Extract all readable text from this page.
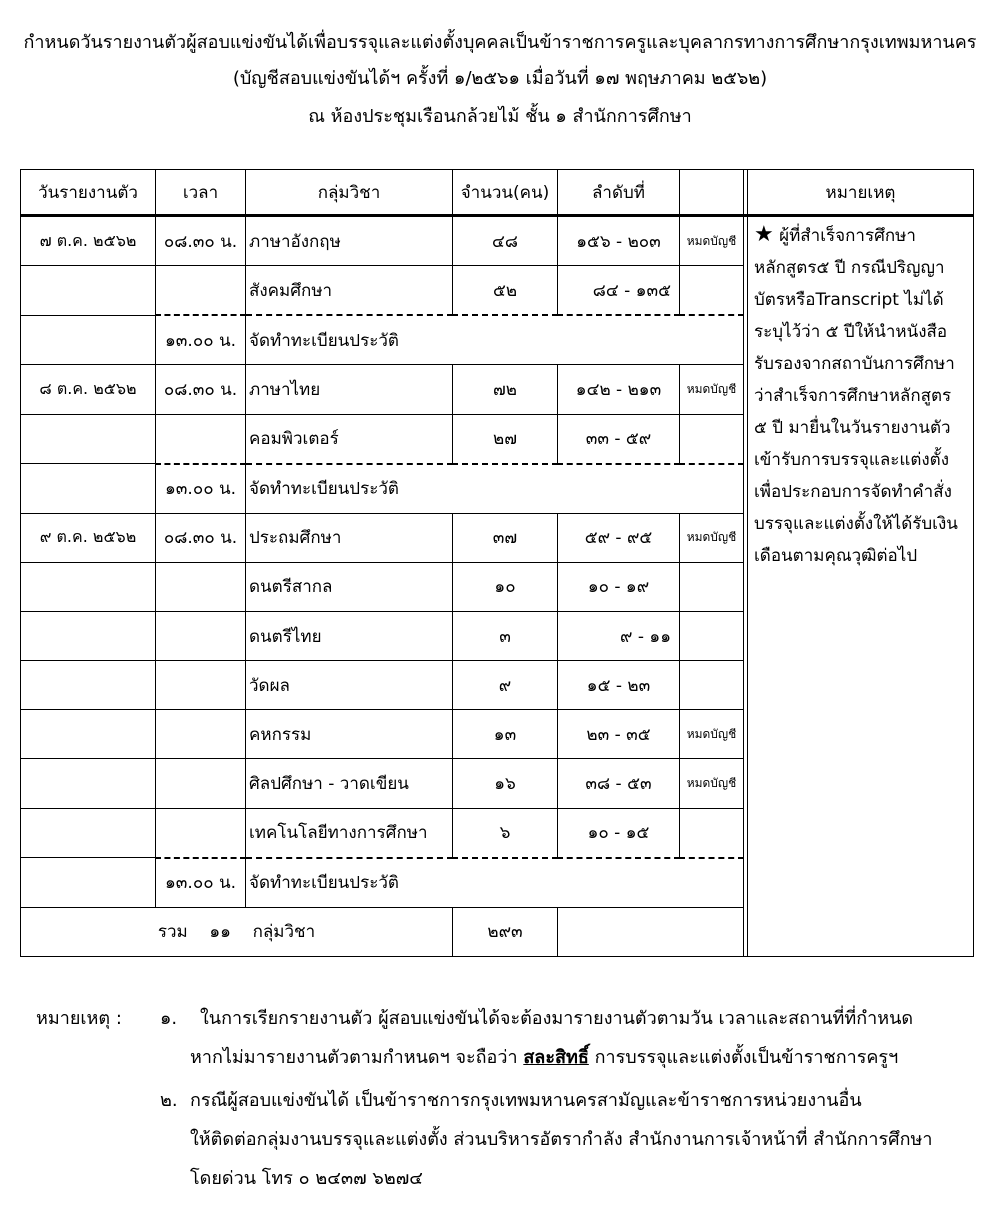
กำหนดวันรายงานตัวผู้สอบแข่งขันได้เพื่อบรรจุและแต่งตั้งบุคคลเป็นข้าราชการครูและบุคลากรทางการศึกษากรุงเทพมหานคร
(บัญชีสอบแข่งขันได้ฯ ครั้งที่ ๑/๒๕๖๑ เมื่อวันที่ ๑๗ พฤษภาคม ๒๕๖๒)
ณ ห้องประชุมเรือนกล้วยไม้ ชั้น ๑ สำนักการศึกษา
วันรายงานตัว	เวลา	กลุ่มวิชา	จำนวน(คน)	ลำดับที่			หมายเหตุ
๗ ต.ค. ๒๕๖๒	๐๘.๓๐ น.	ภาษาอังกฤษ	๔๘	๑๕๖ - ๒๐๓	หมดบัญชี		★ ผู้ที่สำเร็จการศึกษาหลักสูตร๕ ปี กรณีปริญญาบัตรหรือTranscript ไม่ได้ระบุไว้ว่า ๕ ปีให้นำหนังสือรับรองจากสถาบันการศึกษาว่าสำเร็จการศึกษาหลักสูตร ๕ ปี มายื่นในวันรายงานตัวเข้ารับการบรรจุและแต่งตั้งเพื่อประกอบการจัดทำคำสั่งบรรจุและแต่งตั้งให้ได้รับเงินเดือนตามคุณวุฒิต่อไป
		สังคมศึกษา	๕๒	๘๔ - ๑๓๕			
	๑๓.๐๐ น.	จัดทำทะเบียนประวัติ					
๘ ต.ค. ๒๕๖๒	๐๘.๓๐ น.	ภาษาไทย	๗๒	๑๔๒ - ๒๑๓	หมดบัญชี		
		คอมพิวเตอร์	๒๗	๓๓ - ๕๙			
	๑๓.๐๐ น.	จัดทำทะเบียนประวัติ					
๙ ต.ค. ๒๕๖๒	๐๘.๓๐ น.	ประถมศึกษา	๓๗	๕๙ - ๙๕	หมดบัญชี		
		ดนตรีสากล	๑๐	๑๐ - ๑๙			
		ดนตรีไทย	๓	๙ - ๑๑			
		วัดผล	๙	๑๕ - ๒๓			
		คหกรรม	๑๓	๒๓ - ๓๕	หมดบัญชี		
		ศิลปศึกษา - วาดเขียน	๑๖	๓๘ - ๕๓	หมดบัญชี		
		เทคโนโลยีทางการศึกษา	๖	๑๐ - ๑๕			
	๑๓.๐๐ น.	จัดทำทะเบียนประวัติ					
รวม ๑๑ กลุ่มวิชา			๒๙๓				
หมายเหตุ : ๑. ในการเรียกรายงานตัว ผู้สอบแข่งขันได้จะต้องมารายงานตัวตามวัน เวลาและสถานที่ที่กำหนด
หากไม่มารายงานตัวตามกำหนดฯ จะถือว่า สละสิทธิ์ การบรรจุและแต่งตั้งเป็นข้าราชการครูฯ
๒. กรณีผู้สอบแข่งขันได้ เป็นข้าราชการกรุงเทพมหานครสามัญและข้าราชการหน่วยงานอื่น
ให้ติดต่อกลุ่มงานบรรจุและแต่งตั้ง ส่วนบริหารอัตรากำลัง สำนักงานการเจ้าหน้าที่ สำนักการศึกษา
โดยด่วน โทร ๐ ๒๔๓๗ ๖๒๗๔
